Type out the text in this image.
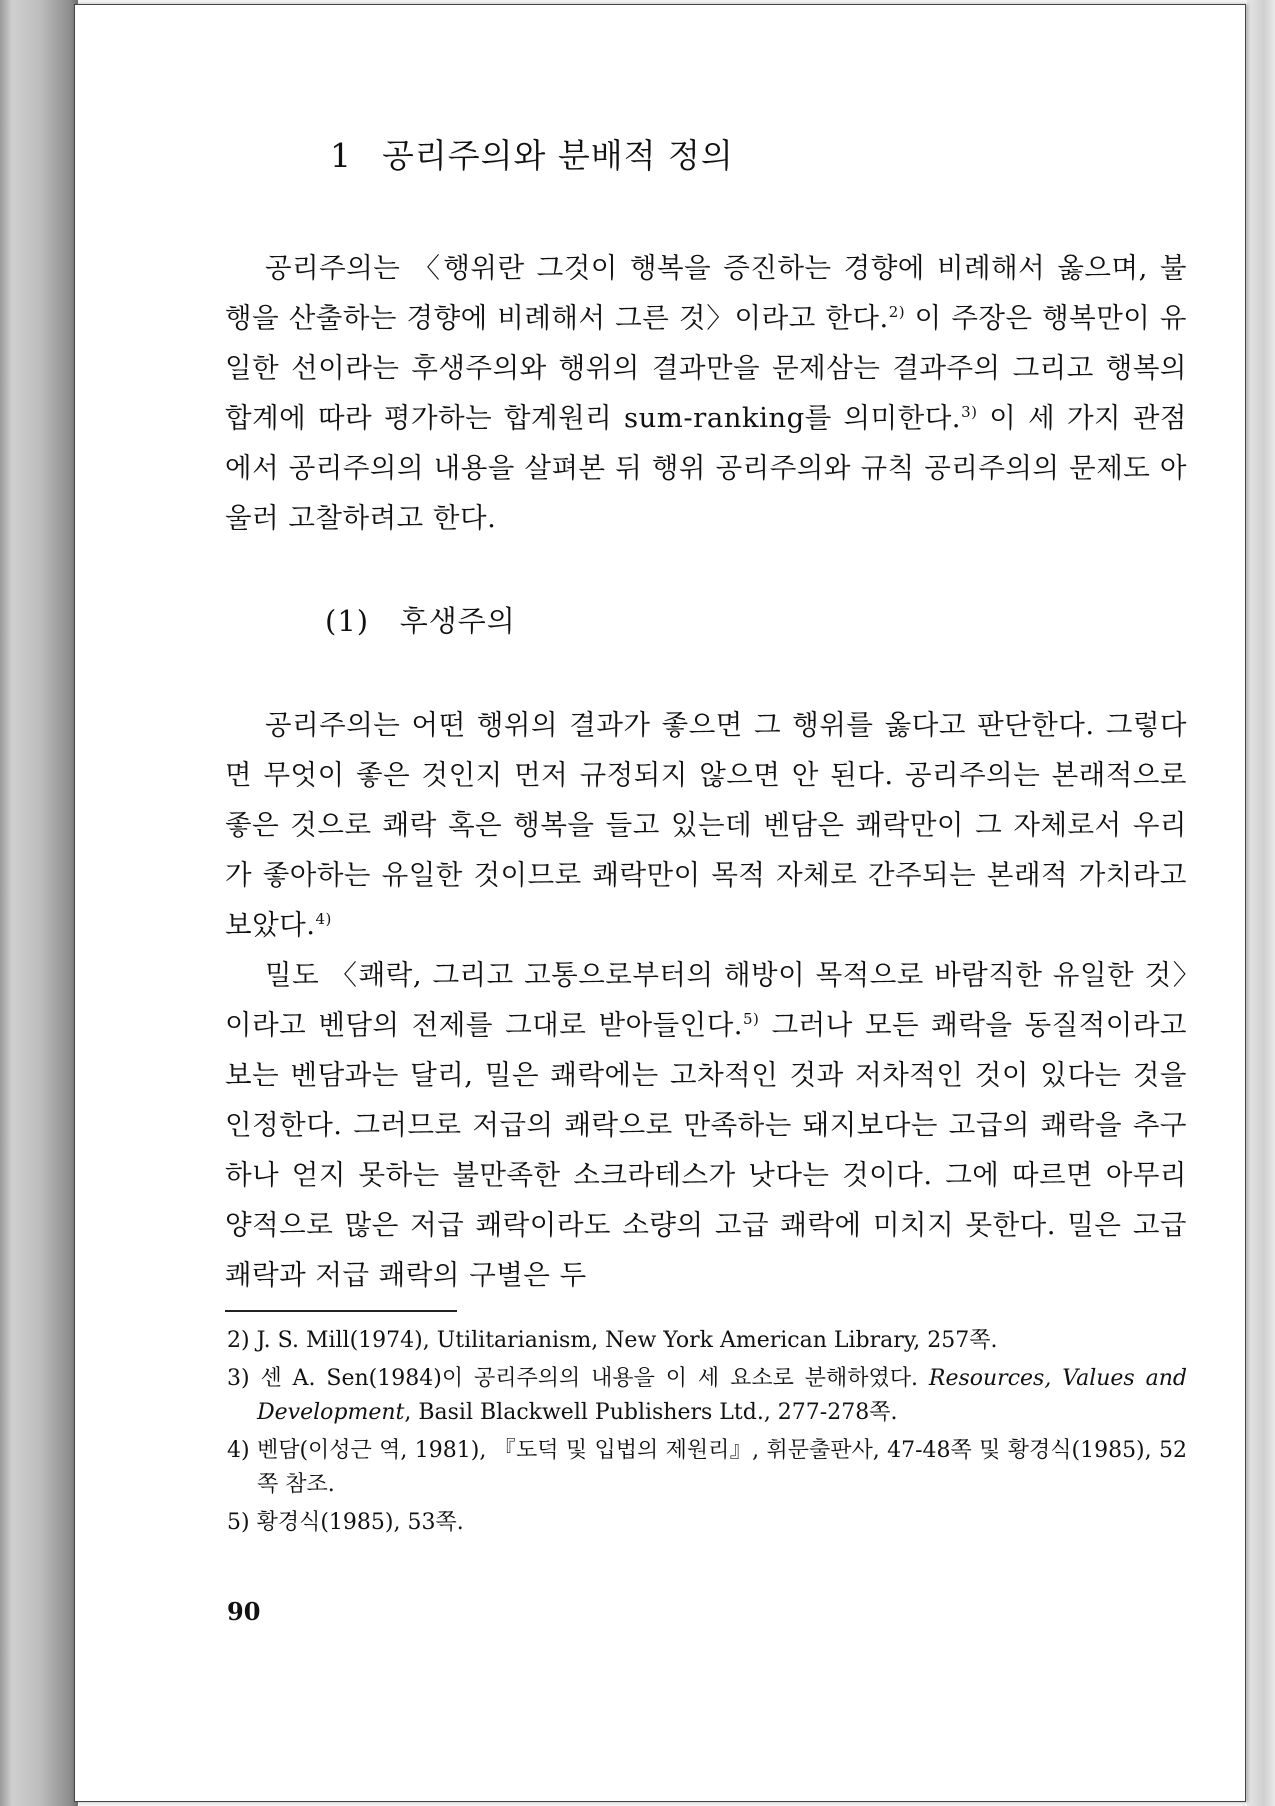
1 공리주의와 분배적 정의

공리주의는 〈행위란 그것이 행복을 증진하는 경향에 비례해서 옳으며, 불행을 산출하는 경향에 비례해서 그른 것〉이라고 한다.$^{2)}$ 이 주장은 행복만이 유일한 선이라는 후생주의와 행위의 결과만을 문제삼는 결과주의 그리고 행복의 합계에 따라 평가하는 합계원리 sum-ranking를 의미한다.$^{3)}$ 이 세 가지 관점에서 공리주의의 내용을 살펴본 뒤 행위 공리주의와 규칙 공리주의의 문제도 아울러 고찰하려고 한다.

(1) 후생주의

공리주의는 어떤 행위의 결과가 좋으면 그 행위를 옳다고 판단한다. 그렇다면 무엇이 좋은 것인지 먼저 규정되지 않으면 안 된다. 공리주의는 본래적으로 좋은 것으로 쾌락 혹은 행복을 들고 있는데 벤담은 쾌락만이 그 자체로서 우리가 좋아하는 유일한 것이므로 쾌락만이 목적 자체로 간주되는 본래적 가치라고 보았다.$^{4)}$

밀도 〈쾌락, 그리고 고통으로부터의 해방이 목적으로 바람직한 유일한 것〉이라고 벤담의 전제를 그대로 받아들인다.$^{5)}$ 그러나 모든 쾌락을 동질적이라고 보는 벤담과는 달리, 밀은 쾌락에는 고차적인 것과 저차적인 것이 있다는 것을 인정한다. 그러므로 저급의 쾌락으로 만족하는 돼지보다는 고급의 쾌락을 추구하나 얻지 못하는 불만족한 소크라테스가 낫다는 것이다. 그에 따르면 아무리 양적으로 많은 저급 쾌락이라도 소량의 고급 쾌락에 미치지 못한다. 밀은 고급 쾌락과 저급 쾌락의 구별은 두

2) J. S. Mill(1974), Utilitarianism, New York American Library, 257쪽.
3) 센 A. Sen(1984)이 공리주의의 내용을 이 세 요소로 분해하였다. Resources, Values and Development, Basil Blackwell Publishers Ltd., 277-278쪽.
4) 벤담(이성근 역, 1981), 『도덕 및 입법의 제원리』, 휘문출판사, 47-48쪽 및 황경식(1985), 52쪽 참조.
5) 황경식(1985), 53쪽.
90
